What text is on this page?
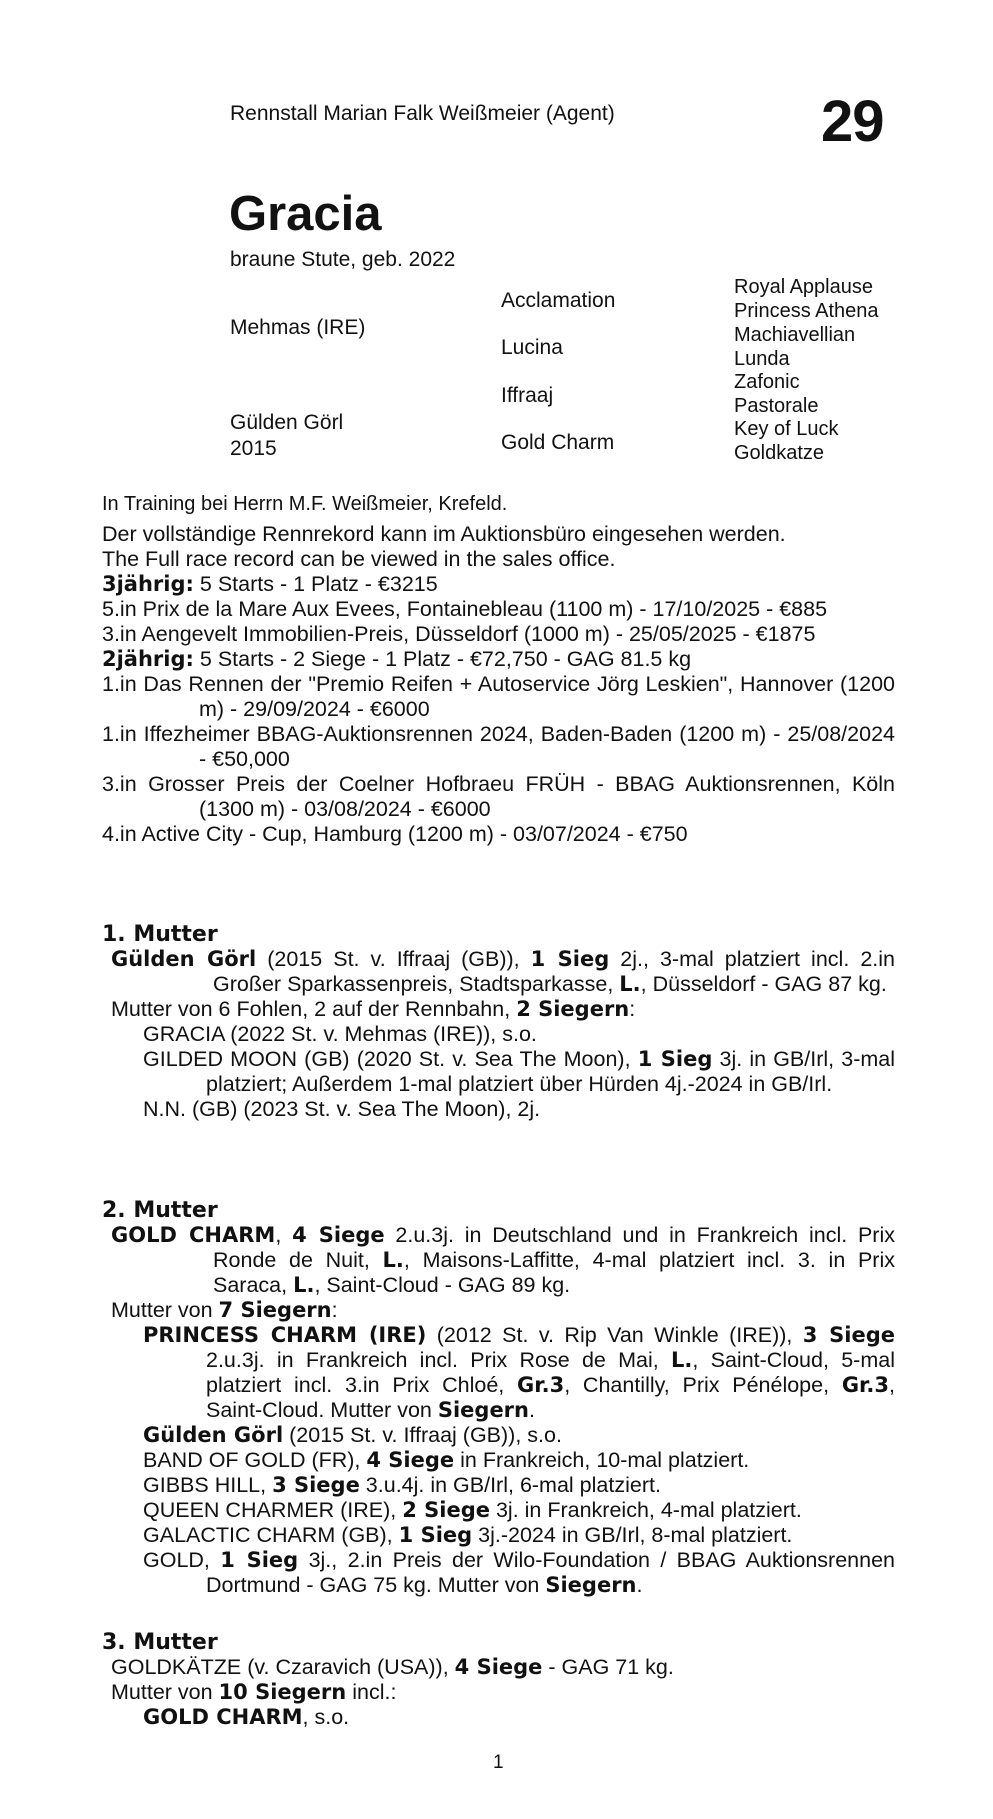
Rennstall Marian Falk Weißmeier (Agent)	29
Gracia
braune Stute, geb. 2022
Mehmas (IRE)
Gülden Görl
2015
Acclamation
Lucina
Iffraaj
Gold Charm
Royal Applause
Princess Athena
Machiavellian
Lunda
Zafonic
Pastorale
Key of Luck
Goldkatze
In Training bei Herrn M.F. Weißmeier, Krefeld.
Der vollständige Rennrekord kann im Auktionsbüro eingesehen werden.
The Full race record can be viewed in the sales office.
3jährig: 5 Starts - 1 Platz - €3215
5.in Prix de la Mare Aux Evees, Fontainebleau (1100 m) - 17/10/2025 - €885
3.in Aengevelt Immobilien-Preis, Düsseldorf (1000 m) - 25/05/2025 - €1875
2jährig: 5 Starts - 2 Siege - 1 Platz - €72,750 - GAG 81.5 kg
1.in Das Rennen der "Premio Reifen + Autoservice Jörg Leskien", Hannover (1200 m) - 29/09/2024 - €6000
1.in Iffezheimer BBAG-Auktionsrennen 2024, Baden-Baden (1200 m) - 25/08/2024 - €50,000
3.in Grosser Preis der Coelner Hofbraeu FRÜH - BBAG Auktionsrennen, Köln (1300 m) - 03/08/2024 - €6000
4.in Active City - Cup, Hamburg (1200 m) - 03/07/2024 - €750
1. Mutter
Gülden Görl (2015 St. v. Iffraaj (GB)), 1 Sieg 2j., 3-mal platziert incl. 2.in Großer Sparkassenpreis, Stadtsparkasse, L., Düsseldorf - GAG 87 kg.
Mutter von 6 Fohlen, 2 auf der Rennbahn, 2 Siegern:
GRACIA (2022 St. v. Mehmas (IRE)), s.o.
GILDED MOON (GB) (2020 St. v. Sea The Moon), 1 Sieg 3j. in GB/Irl, 3-mal platziert; Außerdem 1-mal platziert über Hürden 4j.-2024 in GB/Irl.
N.N. (GB) (2023 St. v. Sea The Moon), 2j.
2. Mutter
GOLD CHARM, 4 Siege 2.u.3j. in Deutschland und in Frankreich incl. Prix Ronde de Nuit, L., Maisons-Laffitte, 4-mal platziert incl. 3. in Prix Saraca, L., Saint-Cloud - GAG 89 kg.
Mutter von 7 Siegern:
PRINCESS CHARM (IRE) (2012 St. v. Rip Van Winkle (IRE)), 3 Siege 2.u.3j. in Frankreich incl. Prix Rose de Mai, L., Saint-Cloud, 5-mal platziert incl. 3.in Prix Chloé, Gr.3, Chantilly, Prix Pénélope, Gr.3, Saint-Cloud. Mutter von Siegern.
Gülden Görl (2015 St. v. Iffraaj (GB)), s.o.
BAND OF GOLD (FR), 4 Siege in Frankreich, 10-mal platziert.
GIBBS HILL, 3 Siege 3.u.4j. in GB/Irl, 6-mal platziert.
QUEEN CHARMER (IRE), 2 Siege 3j. in Frankreich, 4-mal platziert.
GALACTIC CHARM (GB), 1 Sieg 3j.-2024 in GB/Irl, 8-mal platziert.
GOLD, 1 Sieg 3j., 2.in Preis der Wilo-Foundation / BBAG Auktionsrennen Dortmund - GAG 75 kg. Mutter von Siegern.
3. Mutter
GOLDKÄTZE (v. Czaravich (USA)), 4 Siege - GAG 71 kg.
Mutter von 10 Siegern incl.:
GOLD CHARM, s.o.
1
